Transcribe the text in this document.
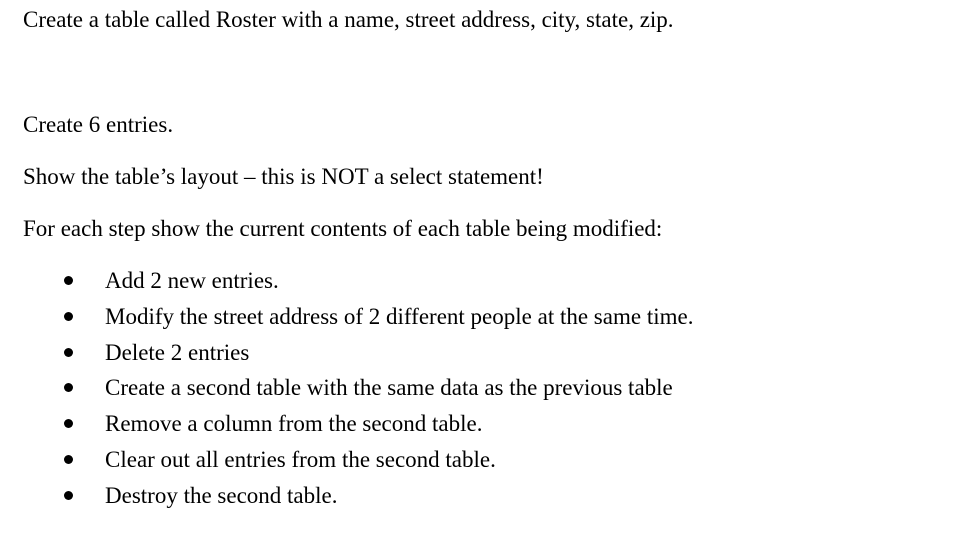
Create a table called Roster with a name, street address, city, state, zip.

Create 6 entries.

Show the table’s layout – this is NOT a select statement!

For each step show the current contents of each table being modified:

Add 2 new entries.
Modify the street address of 2 different people at the same time.
Delete 2 entries
Create a second table with the same data as the previous table
Remove a column from the second table.
Clear out all entries from the second table.
Destroy the second table.
